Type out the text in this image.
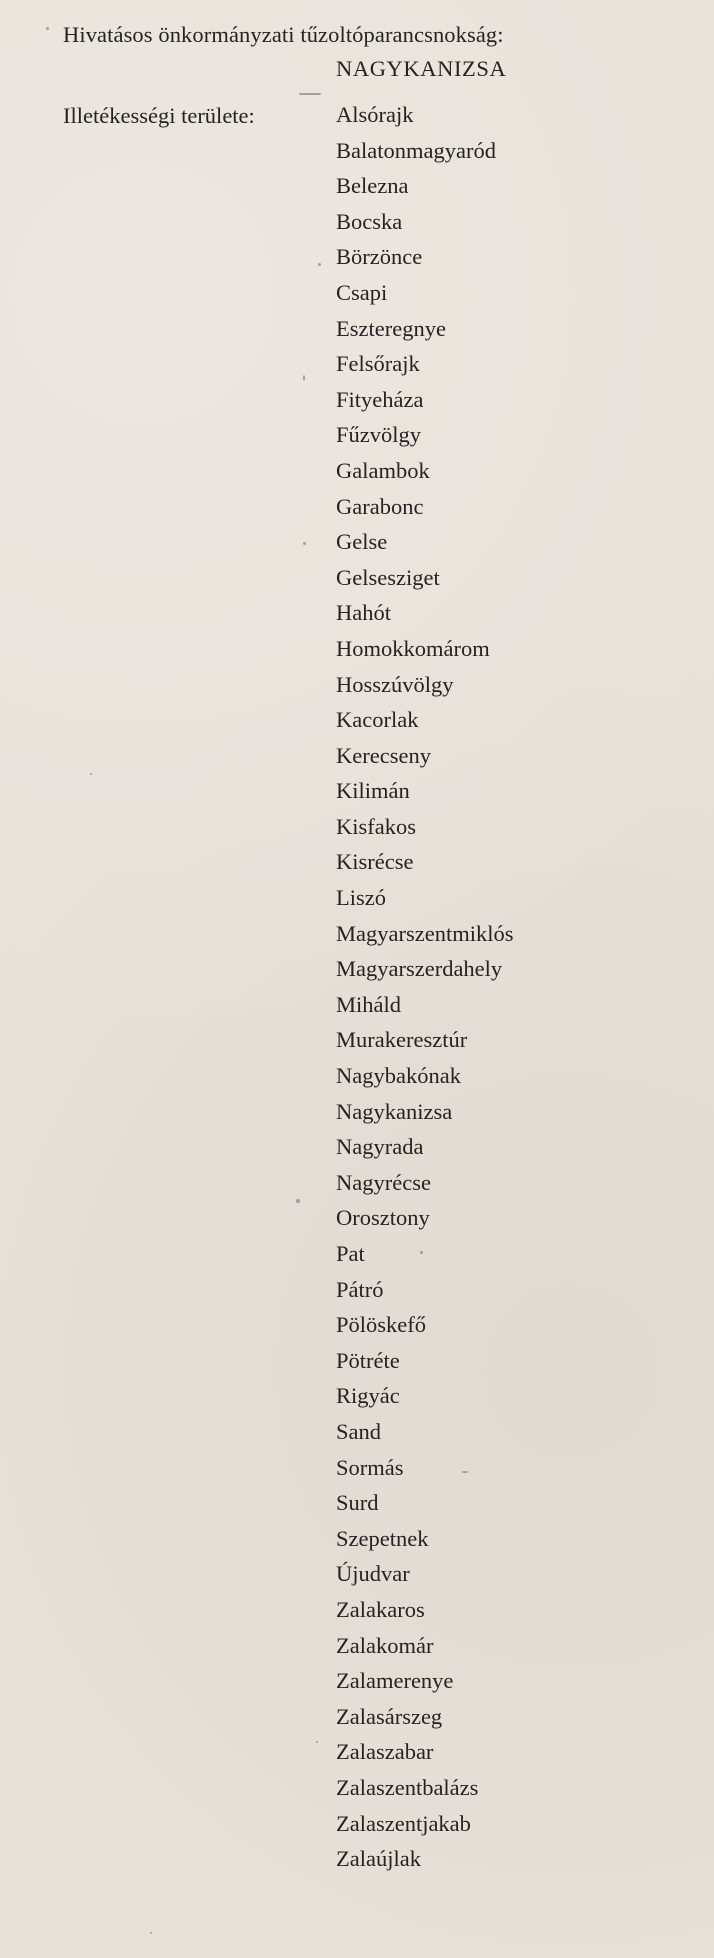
Hivatásos önkormányzati tűzoltóparancsnokság:
NAGYKANIZSA
Illetékességi területe:	Alsórajk
Balatonmagyaród
Belezna
Bocska
Börzönce
Csapi
Eszteregnye
Felsőrajk
Fityeháza
Fűzvölgy
Galambok
Garabonc
Gelse
Gelsesziget
Hahót
Homokkomárom
Hosszúvölgy
Kacorlak
Kerecseny
Kilimán
Kisfakos
Kisrécse
Liszó
Magyarszentmiklós
Magyarszerdahely
Miháld
Murakeresztúr
Nagybakónak
Nagykanizsa
Nagyrada
Nagyrécse
Orosztony
Pat
Pátró
Pölöskefő
Pötréte
Rigyác
Sand
Sormás
Surd
Szepetnek
Újudvar
Zalakaros
Zalakomár
Zalamerenye
Zalasárszeg
Zalaszabar
Zalaszentbalázs
Zalaszentjakab
Zalaújlak
